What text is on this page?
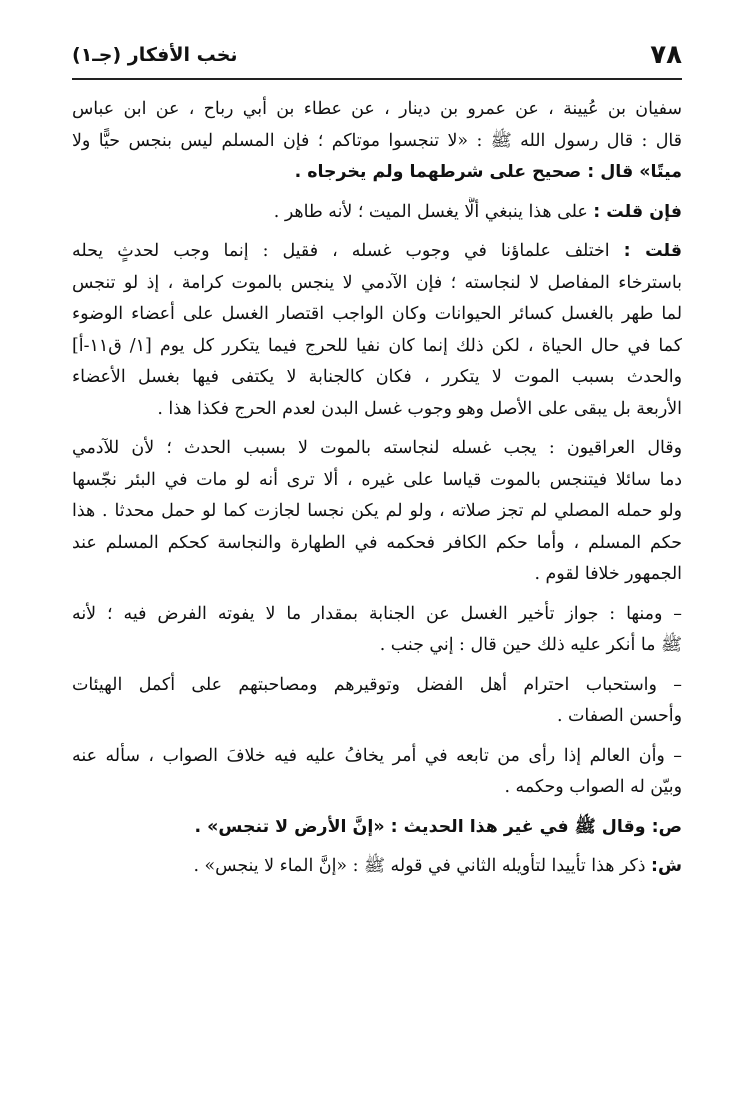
٧٨
نخب الأفكار (جـ١)

سفيان بن عُيينة ، عن عمرو بن دينار ، عن عطاء بن أبي رباح ، عن ابن عباس
قال : قال رسول الله ﷺ : «لا تنجسوا موتاكم ؛ فإن المسلم ليس بنجس حيًّا ولا
ميتًا» قال : صحيح على شرطهما ولم يخرجاه .

فإن قلت : على هذا ينبغي ألَّا يغسل الميت ؛ لأنه طاهر .

قلت : اختلف علماؤنا في وجوب غسله ، فقيل : إنما وجب لحدثٍ يحله
باسترخاء المفاصل لا لنجاسته ؛ فإن الآدمي لا ينجس بالموت كرامة ، إذ لو تنجس
لما طهر بالغسل كسائر الحيوانات وكان الواجب اقتصار الغسل على أعضاء الوضوء
كما في حال الحياة ، لكن ذلك إنما كان نفيا للحرج فيما يتكرر كل يوم [١/ ق١١-أ]
والحدث بسبب الموت لا يتكرر ، فكان كالجنابة لا يكتفى فيها بغسل الأعضاء
الأربعة بل يبقى على الأصل وهو وجوب غسل البدن لعدم الحرج فكذا هذا .

وقال العراقيون : يجب غسله لنجاسته بالموت لا بسبب الحدث ؛ لأن للآدمي
دما سائلا فيتنجس بالموت قياسا على غيره ، ألا ترى أنه لو مات في البئر نجّسها
ولو حمله المصلي لم تجز صلاته ، ولو لم يكن نجسا لجازت كما لو حمل محدثا . هذا
حكم المسلم ، وأما حكم الكافر فحكمه في الطهارة والنجاسة كحكم المسلم عند
الجمهور خلافا لقوم .

– ومنها : جواز تأخير الغسل عن الجنابة بمقدار ما لا يفوته الفرض فيه ؛ لأنه
ﷺ ما أنكر عليه ذلك حين قال : إني جنب .

– واستحباب احترام أهل الفضل وتوقيرهم ومصاحبتهم على أكمل الهيئات
وأحسن الصفات .

– وأن العالم إذا رأى من تابعه في أمر يخافُ عليه فيه خلافَ الصواب ، سأله عنه
وبيّن له الصواب وحكمه .

ص: وقال ﷺ في غير هذا الحديث : «إنَّ الأرض لا تنجس» .

ش: ذكر هذا تأييدا لتأويله الثاني في قوله ﷺ : «إنَّ الماء لا ينجس» .
